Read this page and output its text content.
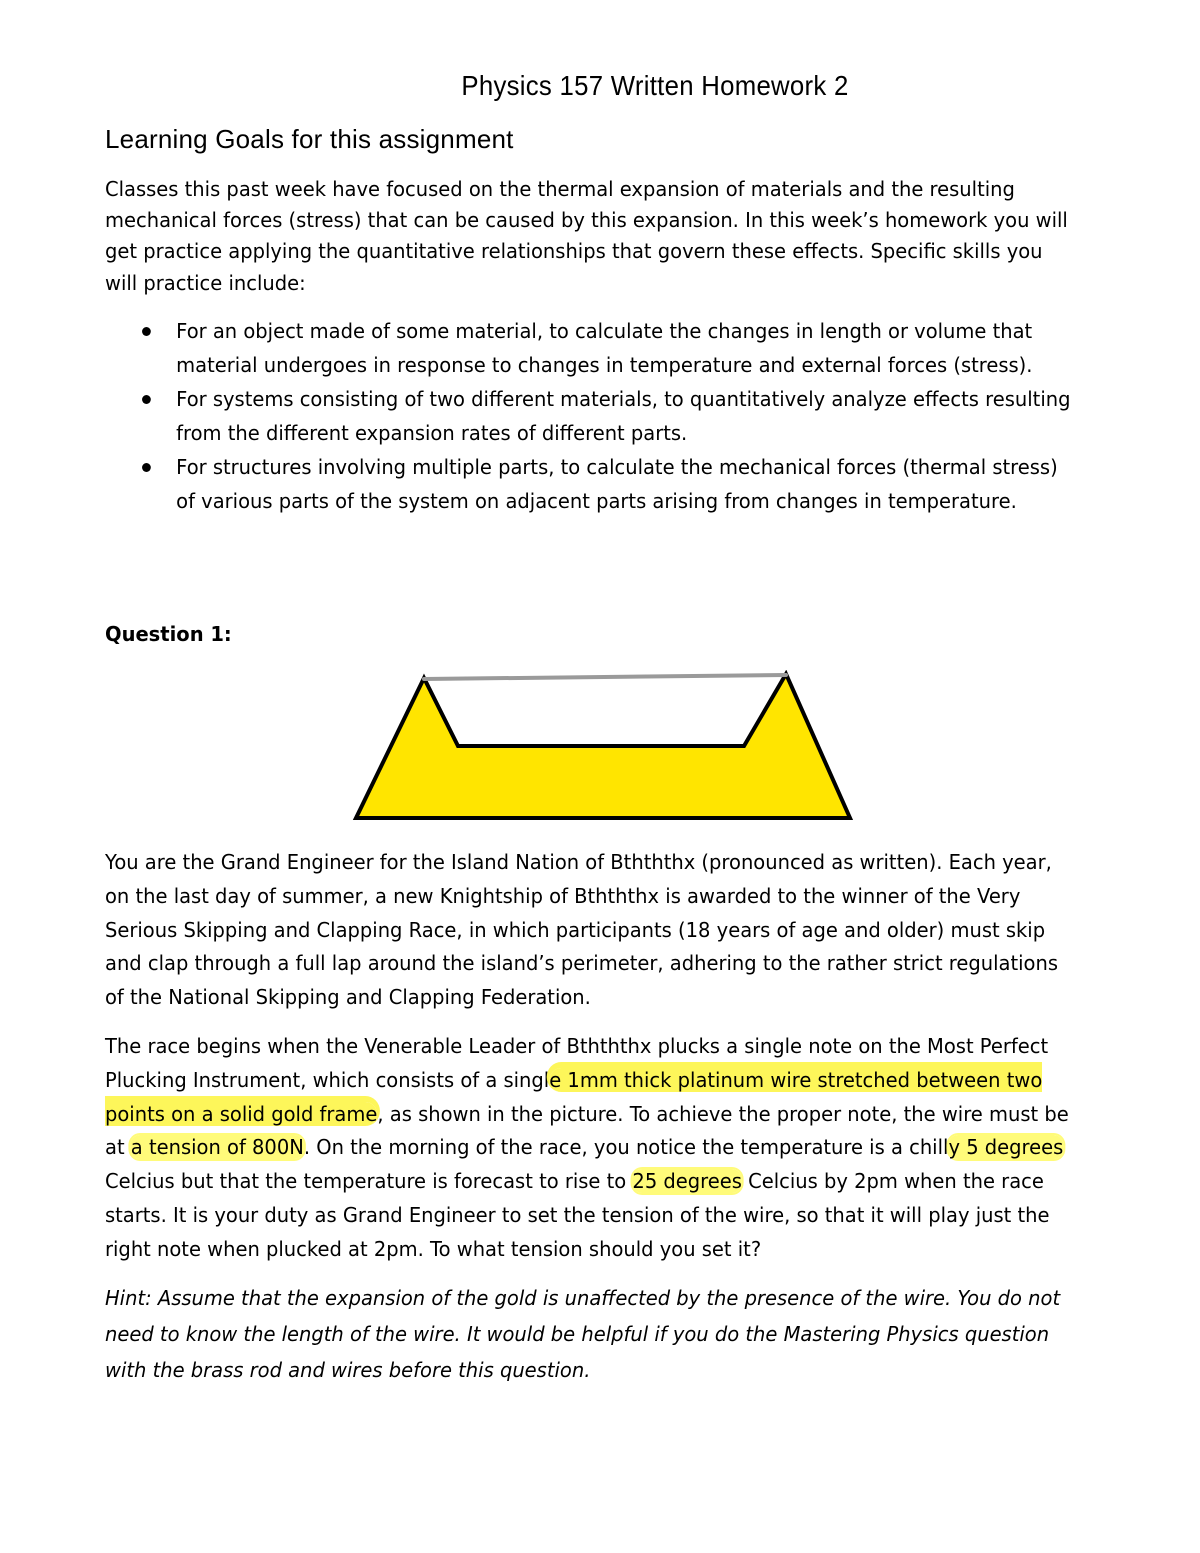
Physics 157 Written Homework 2
Learning Goals for this assignment

Classes this past week have focused on the thermal expansion of materials and the resulting mechanical forces (stress) that can be caused by this expansion. In this week’s homework you will get practice applying the quantitative relationships that govern these effects. Specific skills you will practice include:

For an object made of some material, to calculate the changes in length or volume that material undergoes in response to changes in temperature and external forces (stress).
For systems consisting of two different materials, to quantitatively analyze effects resulting from the different expansion rates of different parts.
For structures involving multiple parts, to calculate the mechanical forces (thermal stress) of various parts of the system on adjacent parts arising from changes in temperature.
Question 1:

You are the Grand Engineer for the Island Nation of Bthththx (pronounced as written). Each year, on the last day of summer, a new Knightship of Bthththx is awarded to the winner of the Very Serious Skipping and Clapping Race, in which participants (18 years of age and older) must skip and clap through a full lap around the island’s perimeter, adhering to the rather strict regulations of the National Skipping and Clapping Federation.

The race begins when the Venerable Leader of Bthththx plucks a single note on the Most Perfect Plucking Instrument, which consists of a single 1mm thick platinum wire stretched between two points on a solid gold frame, as shown in the picture. To achieve the proper note, the wire must be at a tension of 800N. On the morning of the race, you notice the temperature is a chilly 5 degrees Celcius but that the temperature is forecast to rise to 25 degrees Celcius by 2pm when the race starts. It is your duty as Grand Engineer to set the tension of the wire, so that it will play just the right note when plucked at 2pm. To what tension should you set it?

Hint: Assume that the expansion of the gold is unaffected by the presence of the wire. You do not need to know the length of the wire. It would be helpful if you do the Mastering Physics question with the brass rod and wires before this question.
